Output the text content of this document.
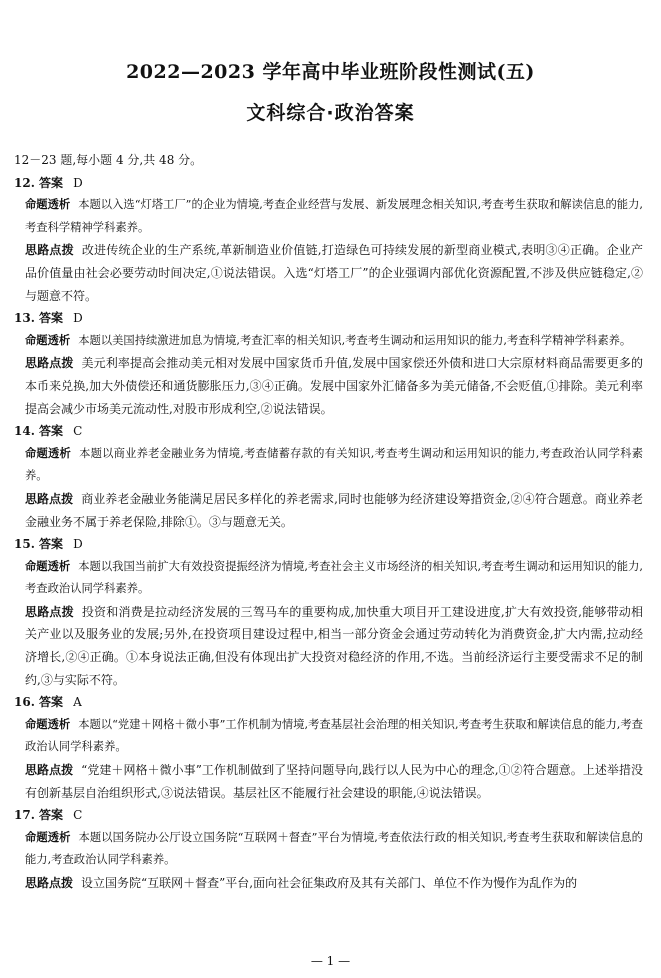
2022—2023 学年高中毕业班阶段性测试(五)
文科综合·政治答案

12－23 题,每小题 4 分,共 48 分。

12. 答案 D

命题透析 本题以入选“灯塔工厂”的企业为情境,考查企业经营与发展、新发展理念相关知识,考查考生获取和解读信息的能力,考查科学精神学科素养。

思路点拨 改进传统企业的生产系统,革新制造业价值链,打造绿色可持续发展的新型商业模式,表明③④正确。企业产品价值量由社会必要劳动时间决定,①说法错误。入选“灯塔工厂”的企业强调内部优化资源配置,不涉及供应链稳定,②与题意不符。

13. 答案 D

命题透析 本题以美国持续激进加息为情境,考查汇率的相关知识,考查考生调动和运用知识的能力,考查科学精神学科素养。

思路点拨 美元利率提高会推动美元相对发展中国家货币升值,发展中国家偿还外债和进口大宗原材料商品需要更多的本币来兑换,加大外债偿还和通货膨胀压力,③④正确。发展中国家外汇储备多为美元储备,不会贬值,①排除。美元利率提高会减少市场美元流动性,对股市形成利空,②说法错误。

14. 答案 C

命题透析 本题以商业养老金融业务为情境,考查储蓄存款的有关知识,考查考生调动和运用知识的能力,考查政治认同学科素养。

思路点拨 商业养老金融业务能满足居民多样化的养老需求,同时也能够为经济建设筹措资金,②④符合题意。商业养老金融业务不属于养老保险,排除①。③与题意无关。

15. 答案 D

命题透析 本题以我国当前扩大有效投资提振经济为情境,考查社会主义市场经济的相关知识,考查考生调动和运用知识的能力,考查政治认同学科素养。

思路点拨 投资和消费是拉动经济发展的三驾马车的重要构成,加快重大项目开工建设进度,扩大有效投资,能够带动相关产业以及服务业的发展;另外,在投资项目建设过程中,相当一部分资金会通过劳动转化为消费资金,扩大内需,拉动经济增长,②④正确。①本身说法正确,但没有体现出扩大投资对稳经济的作用,不选。当前经济运行主要受需求不足的制约,③与实际不符。

16. 答案 A

命题透析 本题以“党建＋网格＋微小事”工作机制为情境,考查基层社会治理的相关知识,考查考生获取和解读信息的能力,考查政治认同学科素养。

思路点拨 “党建＋网格＋微小事”工作机制做到了坚持问题导向,践行以人民为中心的理念,①②符合题意。上述举措没有创新基层自治组织形式,③说法错误。基层社区不能履行社会建设的职能,④说法错误。

17. 答案 C

命题透析 本题以国务院办公厅设立国务院“互联网＋督查”平台为情境,考查依法行政的相关知识,考查考生获取和解读信息的能力,考查政治认同学科素养。

思路点拨 设立国务院“互联网＋督查”平台,面向社会征集政府及其有关部门、单位不作为慢作为乱作为的

— 1 —
